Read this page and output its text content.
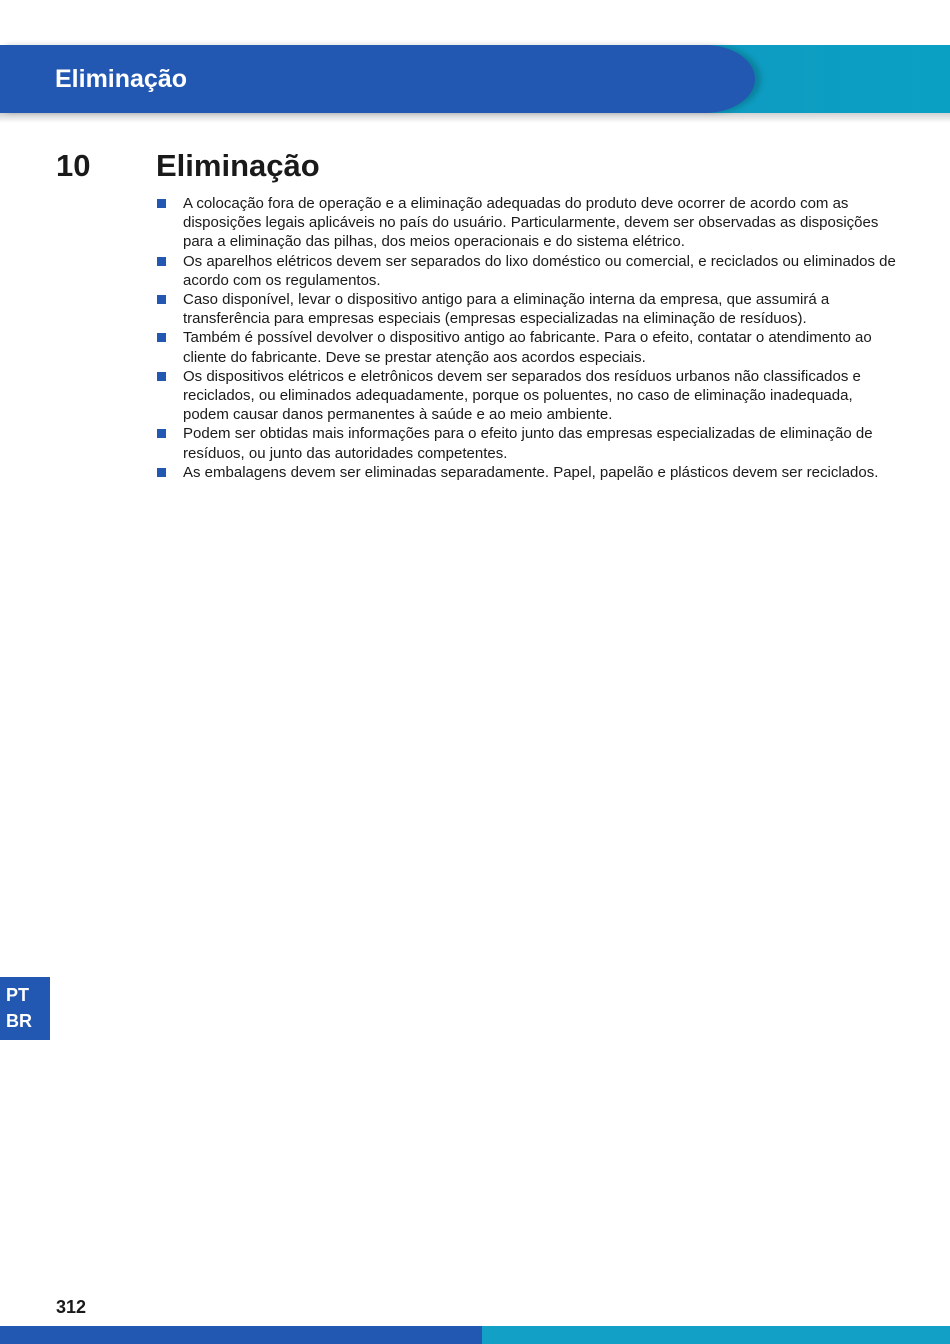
Eliminação
10 Eliminação
A colocação fora de operação e a eliminação adequadas do produto deve ocorrer de acordo com as disposições legais aplicáveis no país do usuário. Particularmente, devem ser observadas as disposições para a eliminação das pilhas, dos meios operacionais e do sistema elétrico.
Os aparelhos elétricos devem ser separados do lixo doméstico ou comercial, e reciclados ou eliminados de acordo com os regulamentos.
Caso disponível, levar o dispositivo antigo para a eliminação interna da empresa, que assumirá a transferência para empresas especiais (empresas especializadas na eliminação de resíduos).
Também é possível devolver o dispositivo antigo ao fabricante. Para o efeito, contatar o atendimento ao cliente do fabricante. Deve se prestar atenção aos acordos especiais.
Os dispositivos elétricos e eletrônicos devem ser separados dos resíduos urbanos não classificados e reciclados, ou eliminados adequadamente, porque os poluentes, no caso de eliminação inadequada, podem causar danos permanentes à saúde e ao meio ambiente.
Podem ser obtidas mais informações para o efeito junto das empresas especializadas de eliminação de resíduos, ou junto das autoridades competentes.
As embalagens devem ser eliminadas separadamente. Papel, papelão e plásticos devem ser reciclados.
PT
BR
312
